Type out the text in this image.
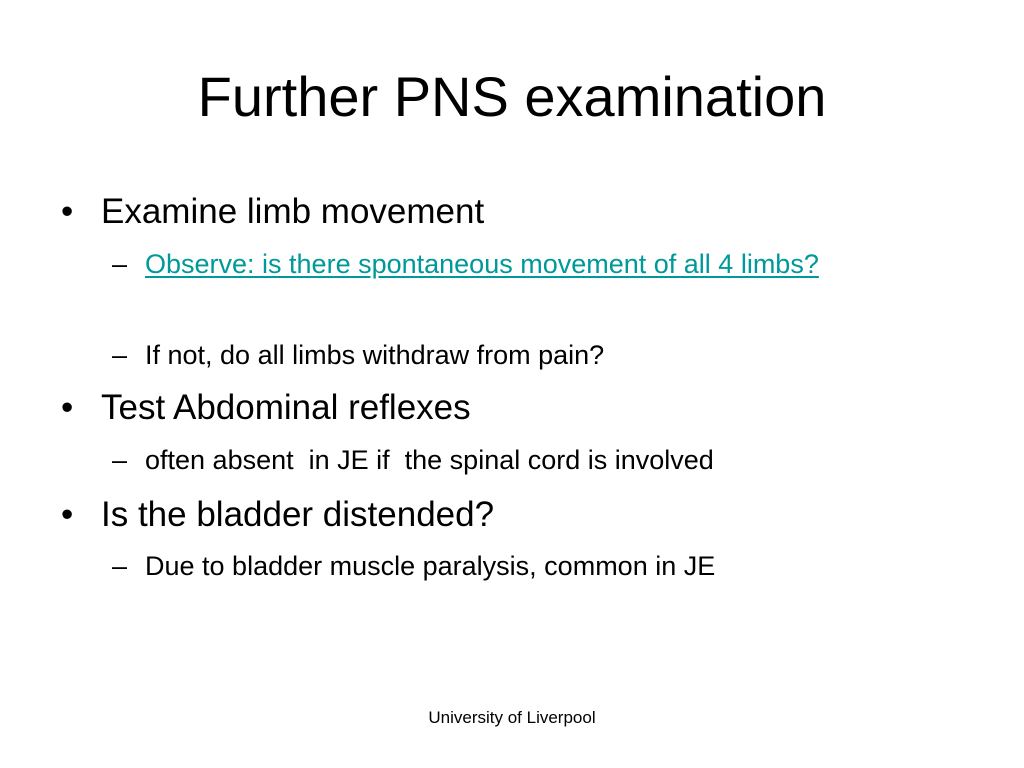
Further PNS examination
• Examine limb movement
– Observe: is there spontaneous movement of all 4 limbs?
– If not, do all limbs withdraw from pain?
• Test Abdominal reflexes
– often absent  in JE if  the spinal cord is involved
• Is the bladder distended?
– Due to bladder muscle paralysis, common in JE
University of Liverpool
